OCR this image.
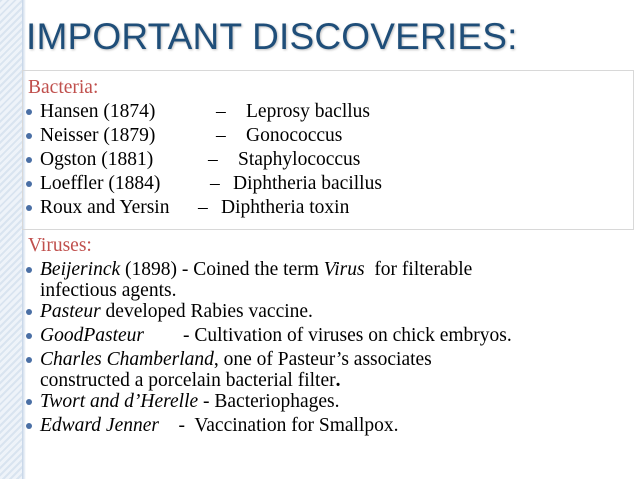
IMPORTANT DISCOVERIES:
Bacteria:
Hansen (1874)	– Leprosy bacllus
Neisser (1879)	– Gonococcus
Ogston (1881)	– Staphylococcus
Loeffler (1884)	– Diphtheria bacillus
Roux and Yersin – Diphtheria toxin
Viruses:
Beijerinck (1898) - Coined the term Virus  for filterable
infectious agents.
Pasteur developed Rabies vaccine.
GoodPasteur        - Cultivation of viruses on chick embryos.
Charles Chamberland, one of Pasteur’s associates
constructed a porcelain bacterial filter.
Twort and d’Herelle - Bacteriophages.
Edward Jenner    -  Vaccination for Smallpox.
